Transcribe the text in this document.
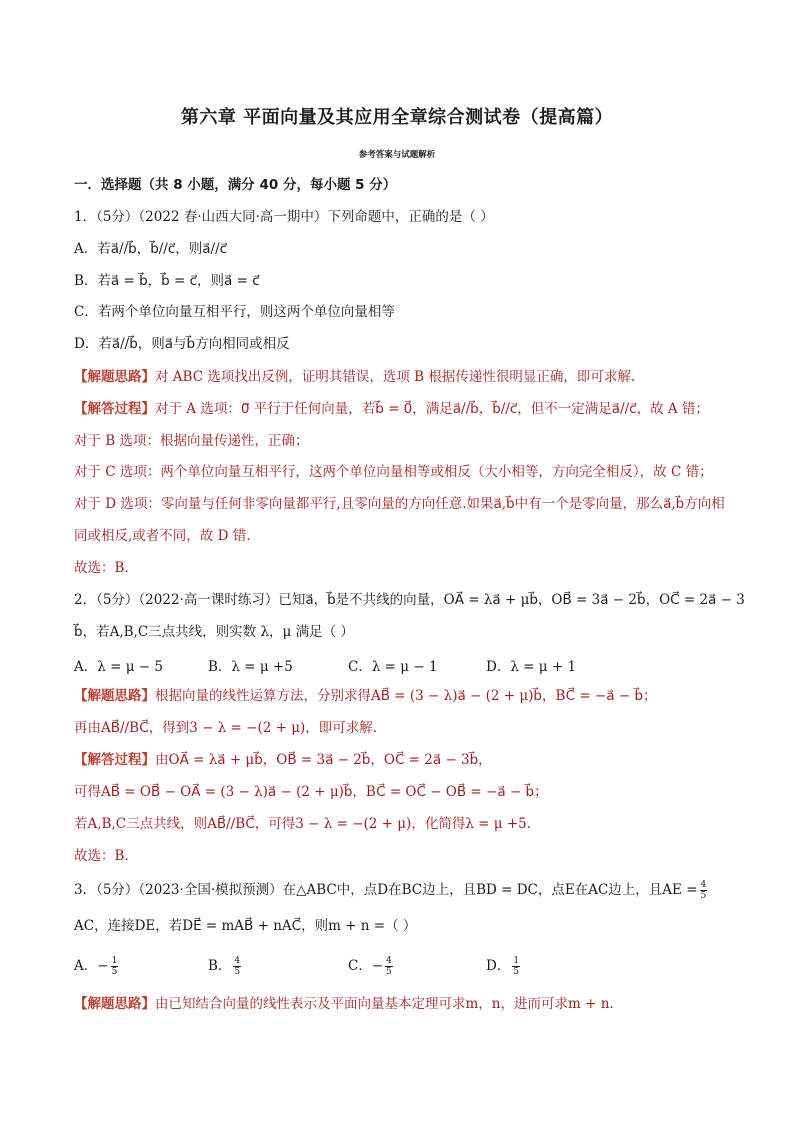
第六章 平面向量及其应用全章综合测试卷（提高篇）
参考答案与试题解析
一．选择题（共 8 小题，满分 40 分，每小题 5 分）
1．（5分）（2022 春·山西大同·高一期中）下列命题中，正确的是（ ）
A．若a⃗//b⃗，b⃗//c⃗，则a⃗//c⃗
B．若a⃗ = b⃗，b⃗ = c⃗，则a⃗ = c⃗
C．若两个单位向量互相平行，则这两个单位向量相等
D．若a⃗//b⃗，则a⃗与b⃗方向相同或相反
【解题思路】对 ABC 选项找出反例，证明其错误，选项 B 根据传递性很明显正确，即可求解.
【解答过程】对于 A 选项：0⃗ 平行于任何向量，若b⃗ = 0⃗，满足a⃗//b⃗，b⃗//c⃗，但不一定满足a⃗//c⃗，故 A 错；
对于 B 选项：根据向量传递性，正确；
对于 C 选项：两个单位向量互相平行，这两个单位向量相等或相反（大小相等，方向完全相反），故 C 错；
对于 D 选项：零向量与任何非零向量都平行,且零向量的方向任意.如果a⃗,b⃗中有一个是零向量，那么a⃗,b⃗方向相
同或相反,或者不同，故 D 错.
故选：B.
2．（5分）（2022·高一课时练习）已知a⃗，b⃗是不共线的向量，OA⃗ = λa⃗ + μb⃗，OB⃗ = 3a⃗ − 2b⃗，OC⃗ = 2a⃗ − 3
b⃗，若A,B,C三点共线，则实数 λ，μ 满足（ ）
A．λ = μ − 5	B．λ = μ +5	C．λ = μ − 1	D．λ = μ + 1
【解题思路】根据向量的线性运算方法，分别求得AB⃗ = (3 − λ)a⃗ − (2 + μ)b⃗，BC⃗ = −a⃗ − b⃗；
再由AB⃗//BC⃗，得到3 − λ = −(2 + μ)，即可求解.
【解答过程】由OA⃗ = λa⃗ + μb⃗，OB⃗ = 3a⃗ − 2b⃗，OC⃗ = 2a⃗ − 3b⃗，
可得AB⃗ = OB⃗ − OA⃗ = (3 − λ)a⃗ − (2 + μ)b⃗，BC⃗ = OC⃗ − OB⃗ = −a⃗ − b⃗；
若A,B,C三点共线，则AB⃗//BC⃗，可得3 − λ = −(2 + μ)，化简得λ = μ +5.
故选：B.
3．（5分）（2023·全国·模拟预测）在△ABC中，点D在BC边上，且BD = DC，点E在AC边上，且AE = $\frac{4}{5}$
AC，连接DE，若DE⃗ = mAB⃗ + nAC⃗，则m + n =（ ）
A．− $\frac{1}{5}$	B． $\frac{4}{5}$	C．− $\frac{4}{5}$	D． $\frac{1}{5}$
【解题思路】由已知结合向量的线性表示及平面向量基本定理可求m，n，进而可求m + n.
